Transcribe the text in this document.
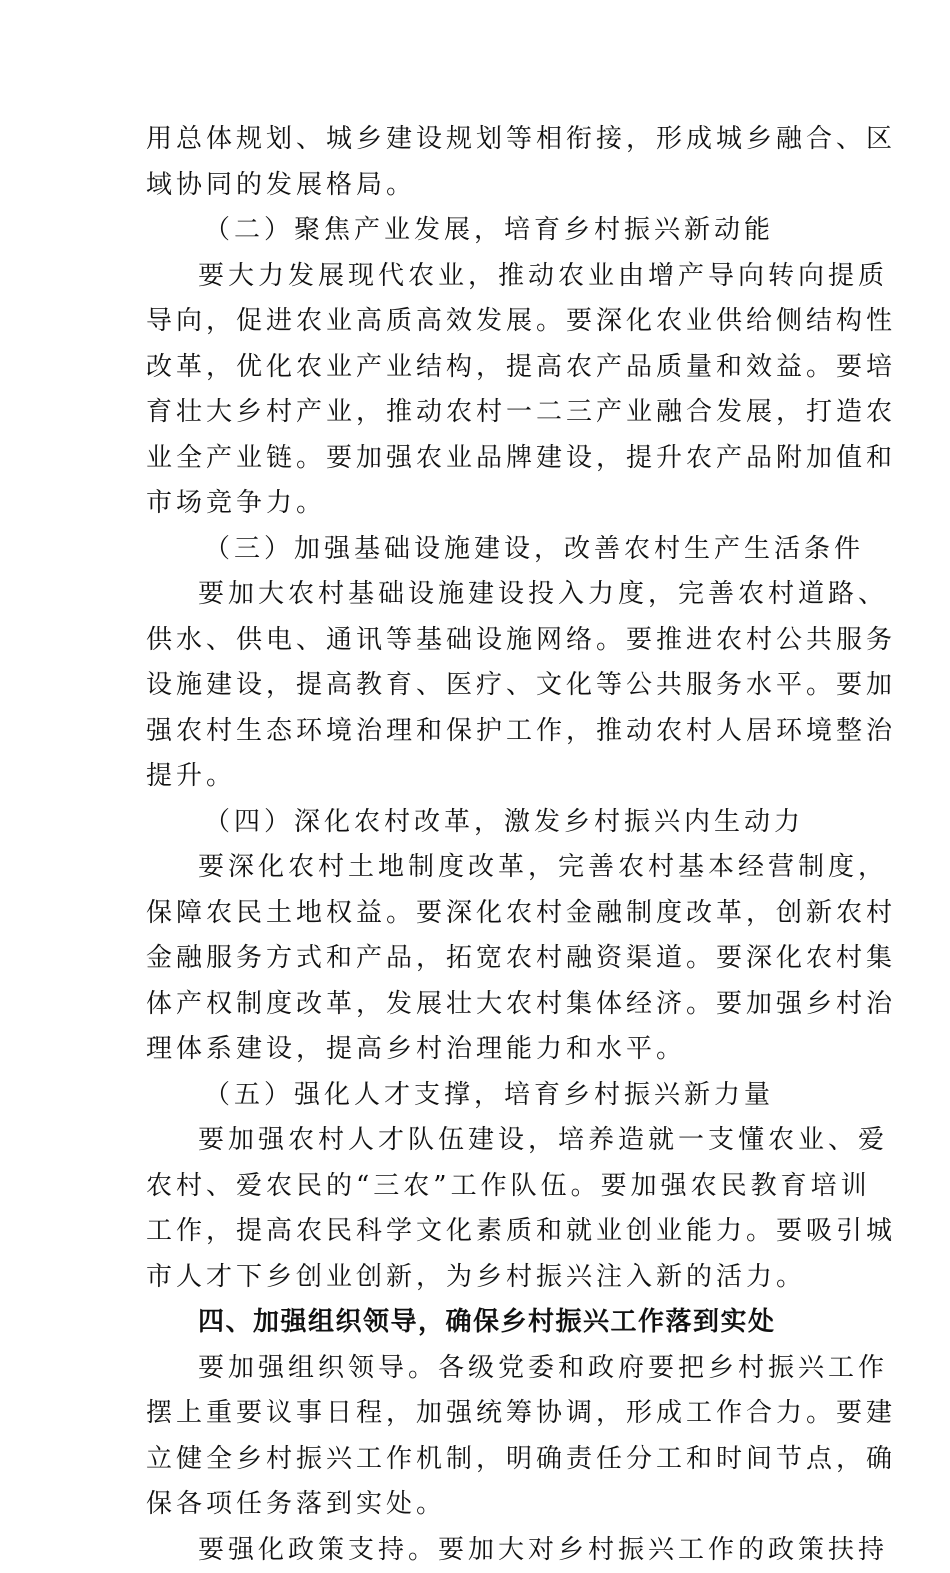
用总体规划、城乡建设规划等相衔接，形成城乡融合、区
域协同的发展格局。
（二）聚焦产业发展，培育乡村振兴新动能
要大力发展现代农业，推动农业由增产导向转向提质
导向，促进农业高质高效发展。要深化农业供给侧结构性
改革，优化农业产业结构，提高农产品质量和效益。要培
育壮大乡村产业，推动农村一二三产业融合发展，打造农
业全产业链。要加强农业品牌建设，提升农产品附加值和
市场竞争力。
（三）加强基础设施建设，改善农村生产生活条件
要加大农村基础设施建设投入力度，完善农村道路、
供水、供电、通讯等基础设施网络。要推进农村公共服务
设施建设，提高教育、医疗、文化等公共服务水平。要加
强农村生态环境治理和保护工作，推动农村人居环境整治
提升。
（四）深化农村改革，激发乡村振兴内生动力
要深化农村土地制度改革，完善农村基本经营制度，
保障农民土地权益。要深化农村金融制度改革，创新农村
金融服务方式和产品，拓宽农村融资渠道。要深化农村集
体产权制度改革，发展壮大农村集体经济。要加强乡村治
理体系建设，提高乡村治理能力和水平。
（五）强化人才支撑，培育乡村振兴新力量
要加强农村人才队伍建设，培养造就一支懂农业、爱
农村、爱农民的“三农”工作队伍。要加强农民教育培训
工作，提高农民科学文化素质和就业创业能力。要吸引城
市人才下乡创业创新，为乡村振兴注入新的活力。
四、加强组织领导，确保乡村振兴工作落到实处
要加强组织领导。各级党委和政府要把乡村振兴工作
摆上重要议事日程，加强统筹协调，形成工作合力。要建
立健全乡村振兴工作机制，明确责任分工和时间节点，确
保各项任务落到实处。
要强化政策支持。要加大对乡村振兴工作的政策扶持
